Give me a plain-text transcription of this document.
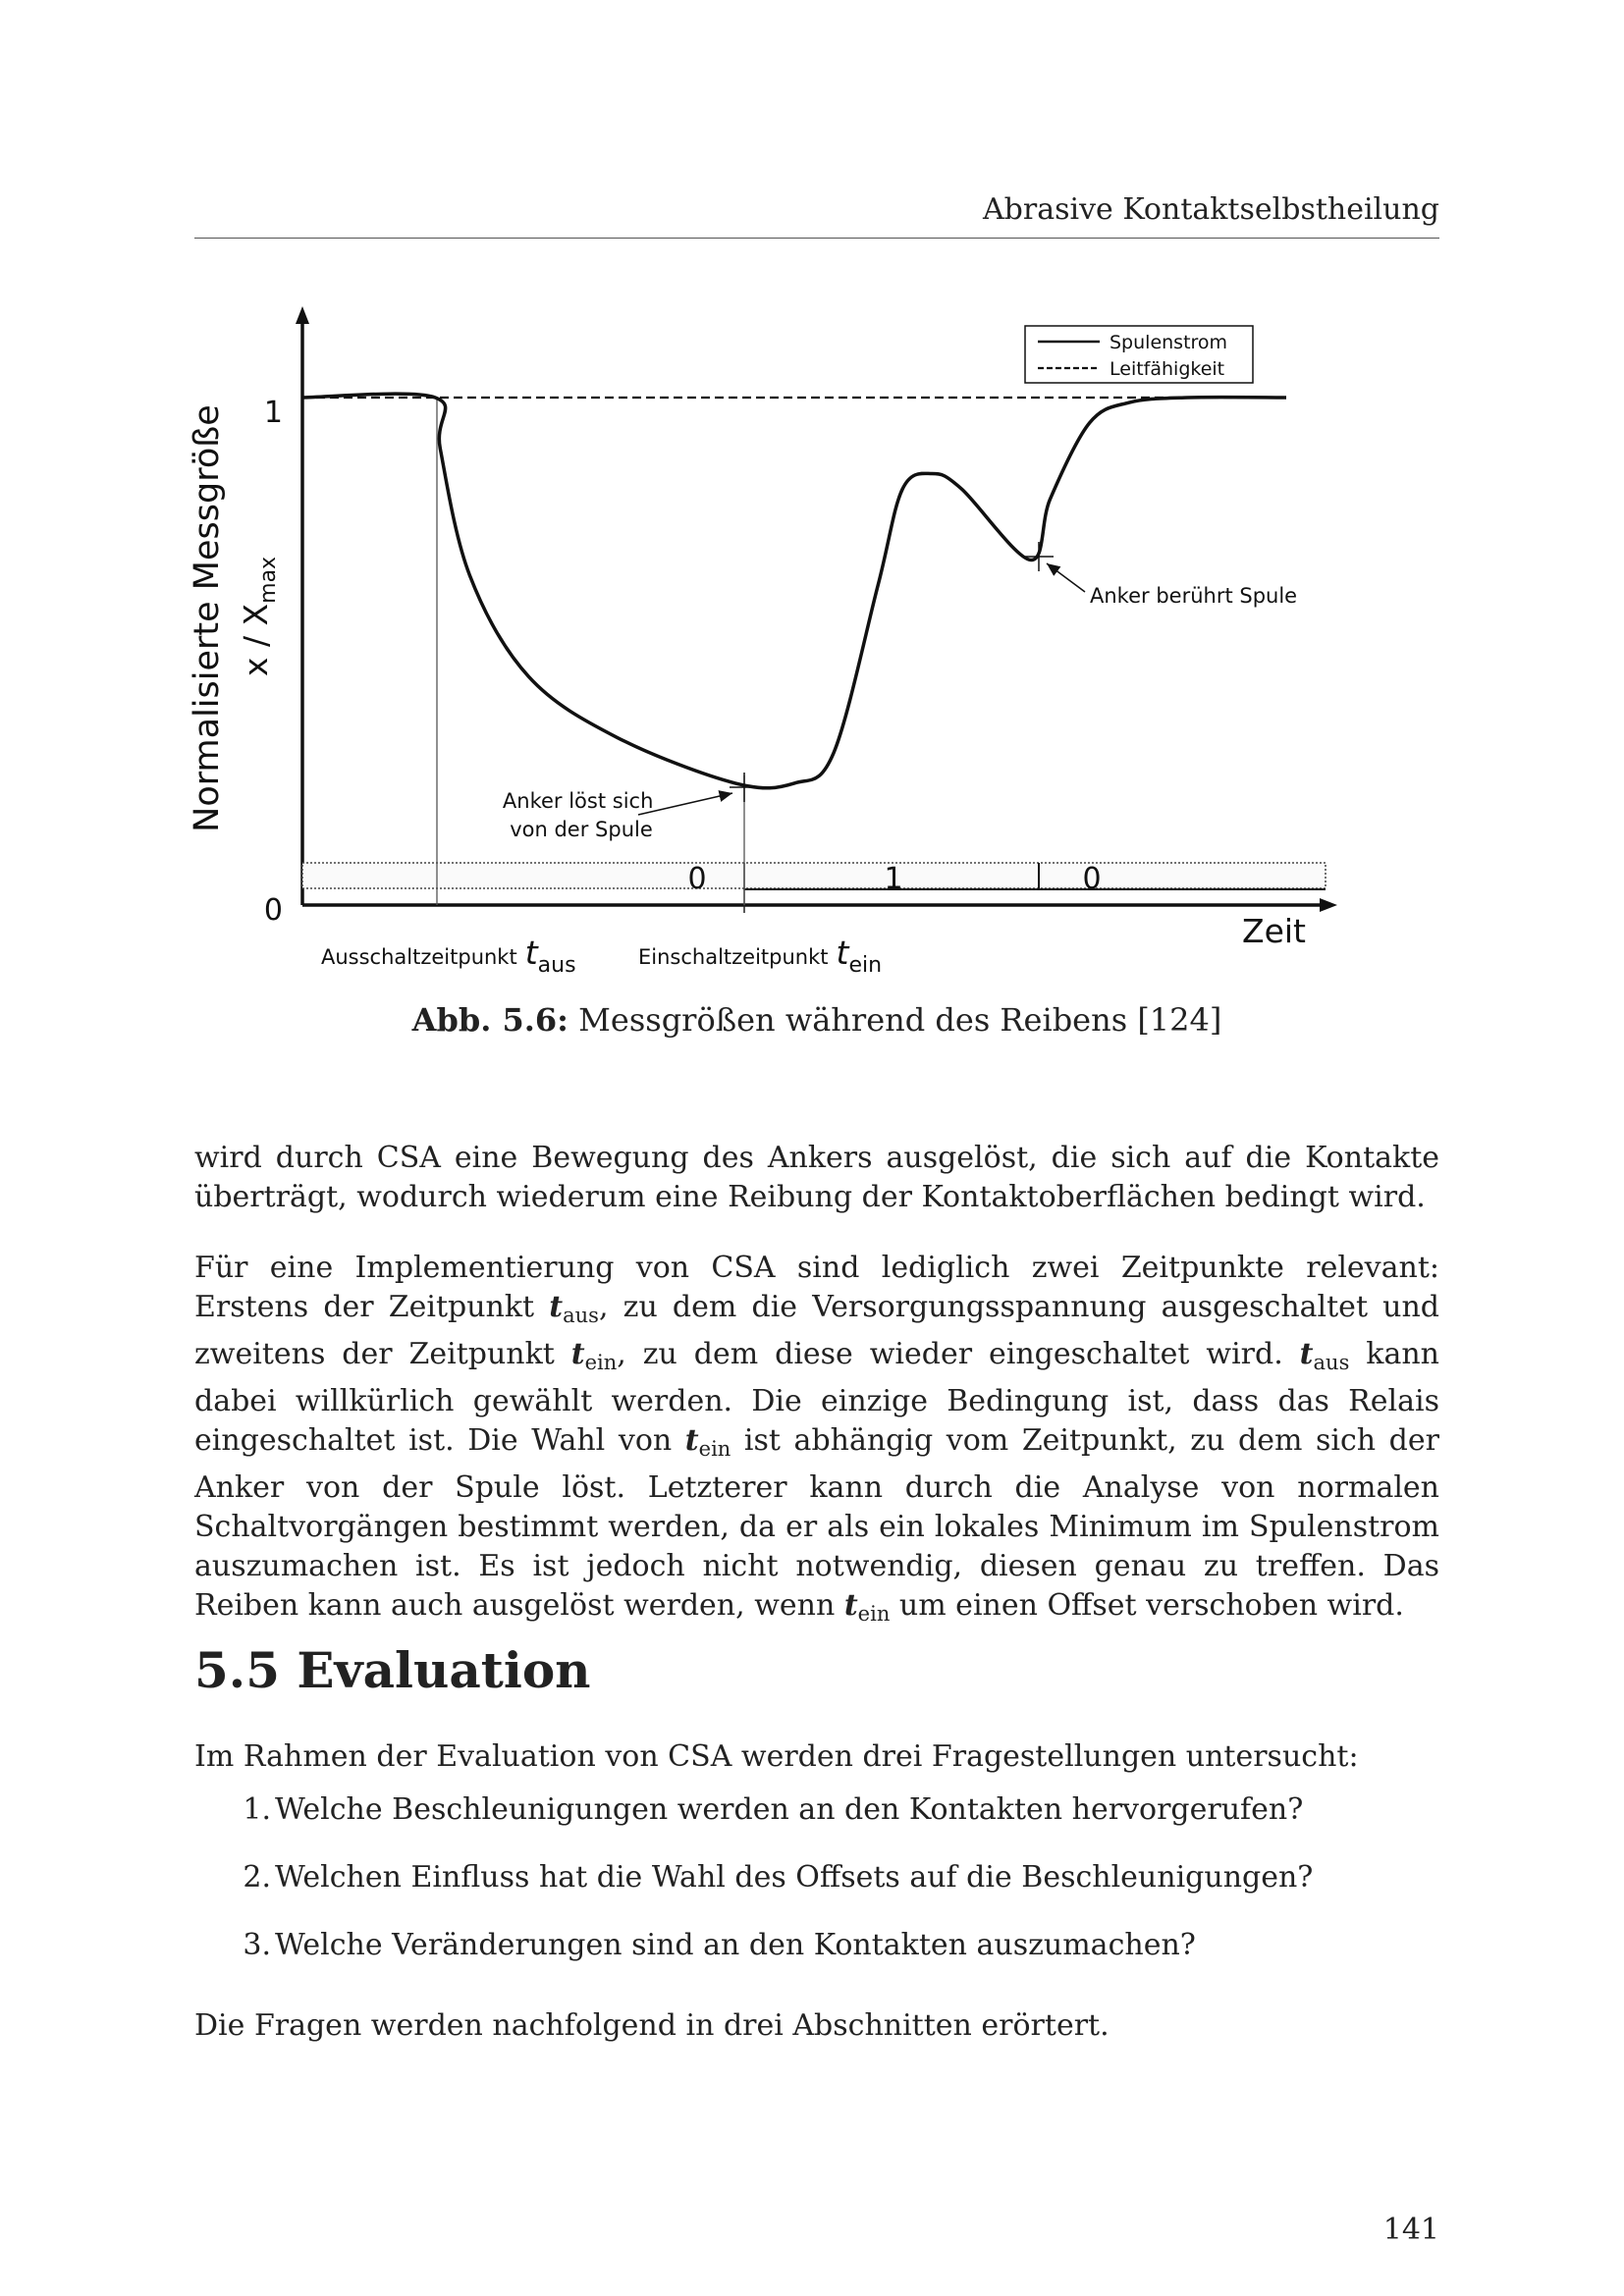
Abrasive Kontaktselbstheilung
Normalisierte Messgröße x / $X_{max}$
1
0
Zeit
0	1	0
Anker löst sich von der Spule
Anker berührt Spule
Spulenstrom
Leitfähigkeit
Ausschaltzeitpunkt taus	Einschaltzeitpunkt tein
Abb. 5.6: Messgrößen während des Reibens [124]

wird durch CSA eine Bewegung des Ankers ausgelöst, die sich auf die Kontakte überträgt, wodurch wiederum eine Reibung der Kontaktoberflächen bedingt wird.

Für eine Implementierung von CSA sind lediglich zwei Zeitpunkte relevant: Erstens der Zeitpunkt $t_{aus}$, zu dem die Versorgungsspannung ausgeschaltet und zweitens der Zeitpunkt $t_{ein}$, zu dem diese wieder eingeschaltet wird. $t_{aus}$ kann dabei willkürlich gewählt werden. Die einzige Bedingung ist, dass das Relais eingeschaltet ist. Die Wahl von $t_{ein}$ ist abhängig vom Zeitpunkt, zu dem sich der Anker von der Spule löst. Letzterer kann durch die Analyse von normalen Schaltvorgängen bestimmt werden, da er als ein lokales Minimum im Spulenstrom auszumachen ist. Es ist jedoch nicht notwendig, diesen genau zu treffen. Das Reiben kann auch ausgelöst werden, wenn $t_{ein}$ um einen Offset verschoben wird.

5.5 Evaluation

Im Rahmen der Evaluation von CSA werden drei Fragestellungen untersucht:

1. Welche Beschleunigungen werden an den Kontakten hervorgerufen?
2. Welchen Einfluss hat die Wahl des Offsets auf die Beschleunigungen?
3. Welche Veränderungen sind an den Kontakten auszumachen?

Die Fragen werden nachfolgend in drei Abschnitten erörtert.

141
